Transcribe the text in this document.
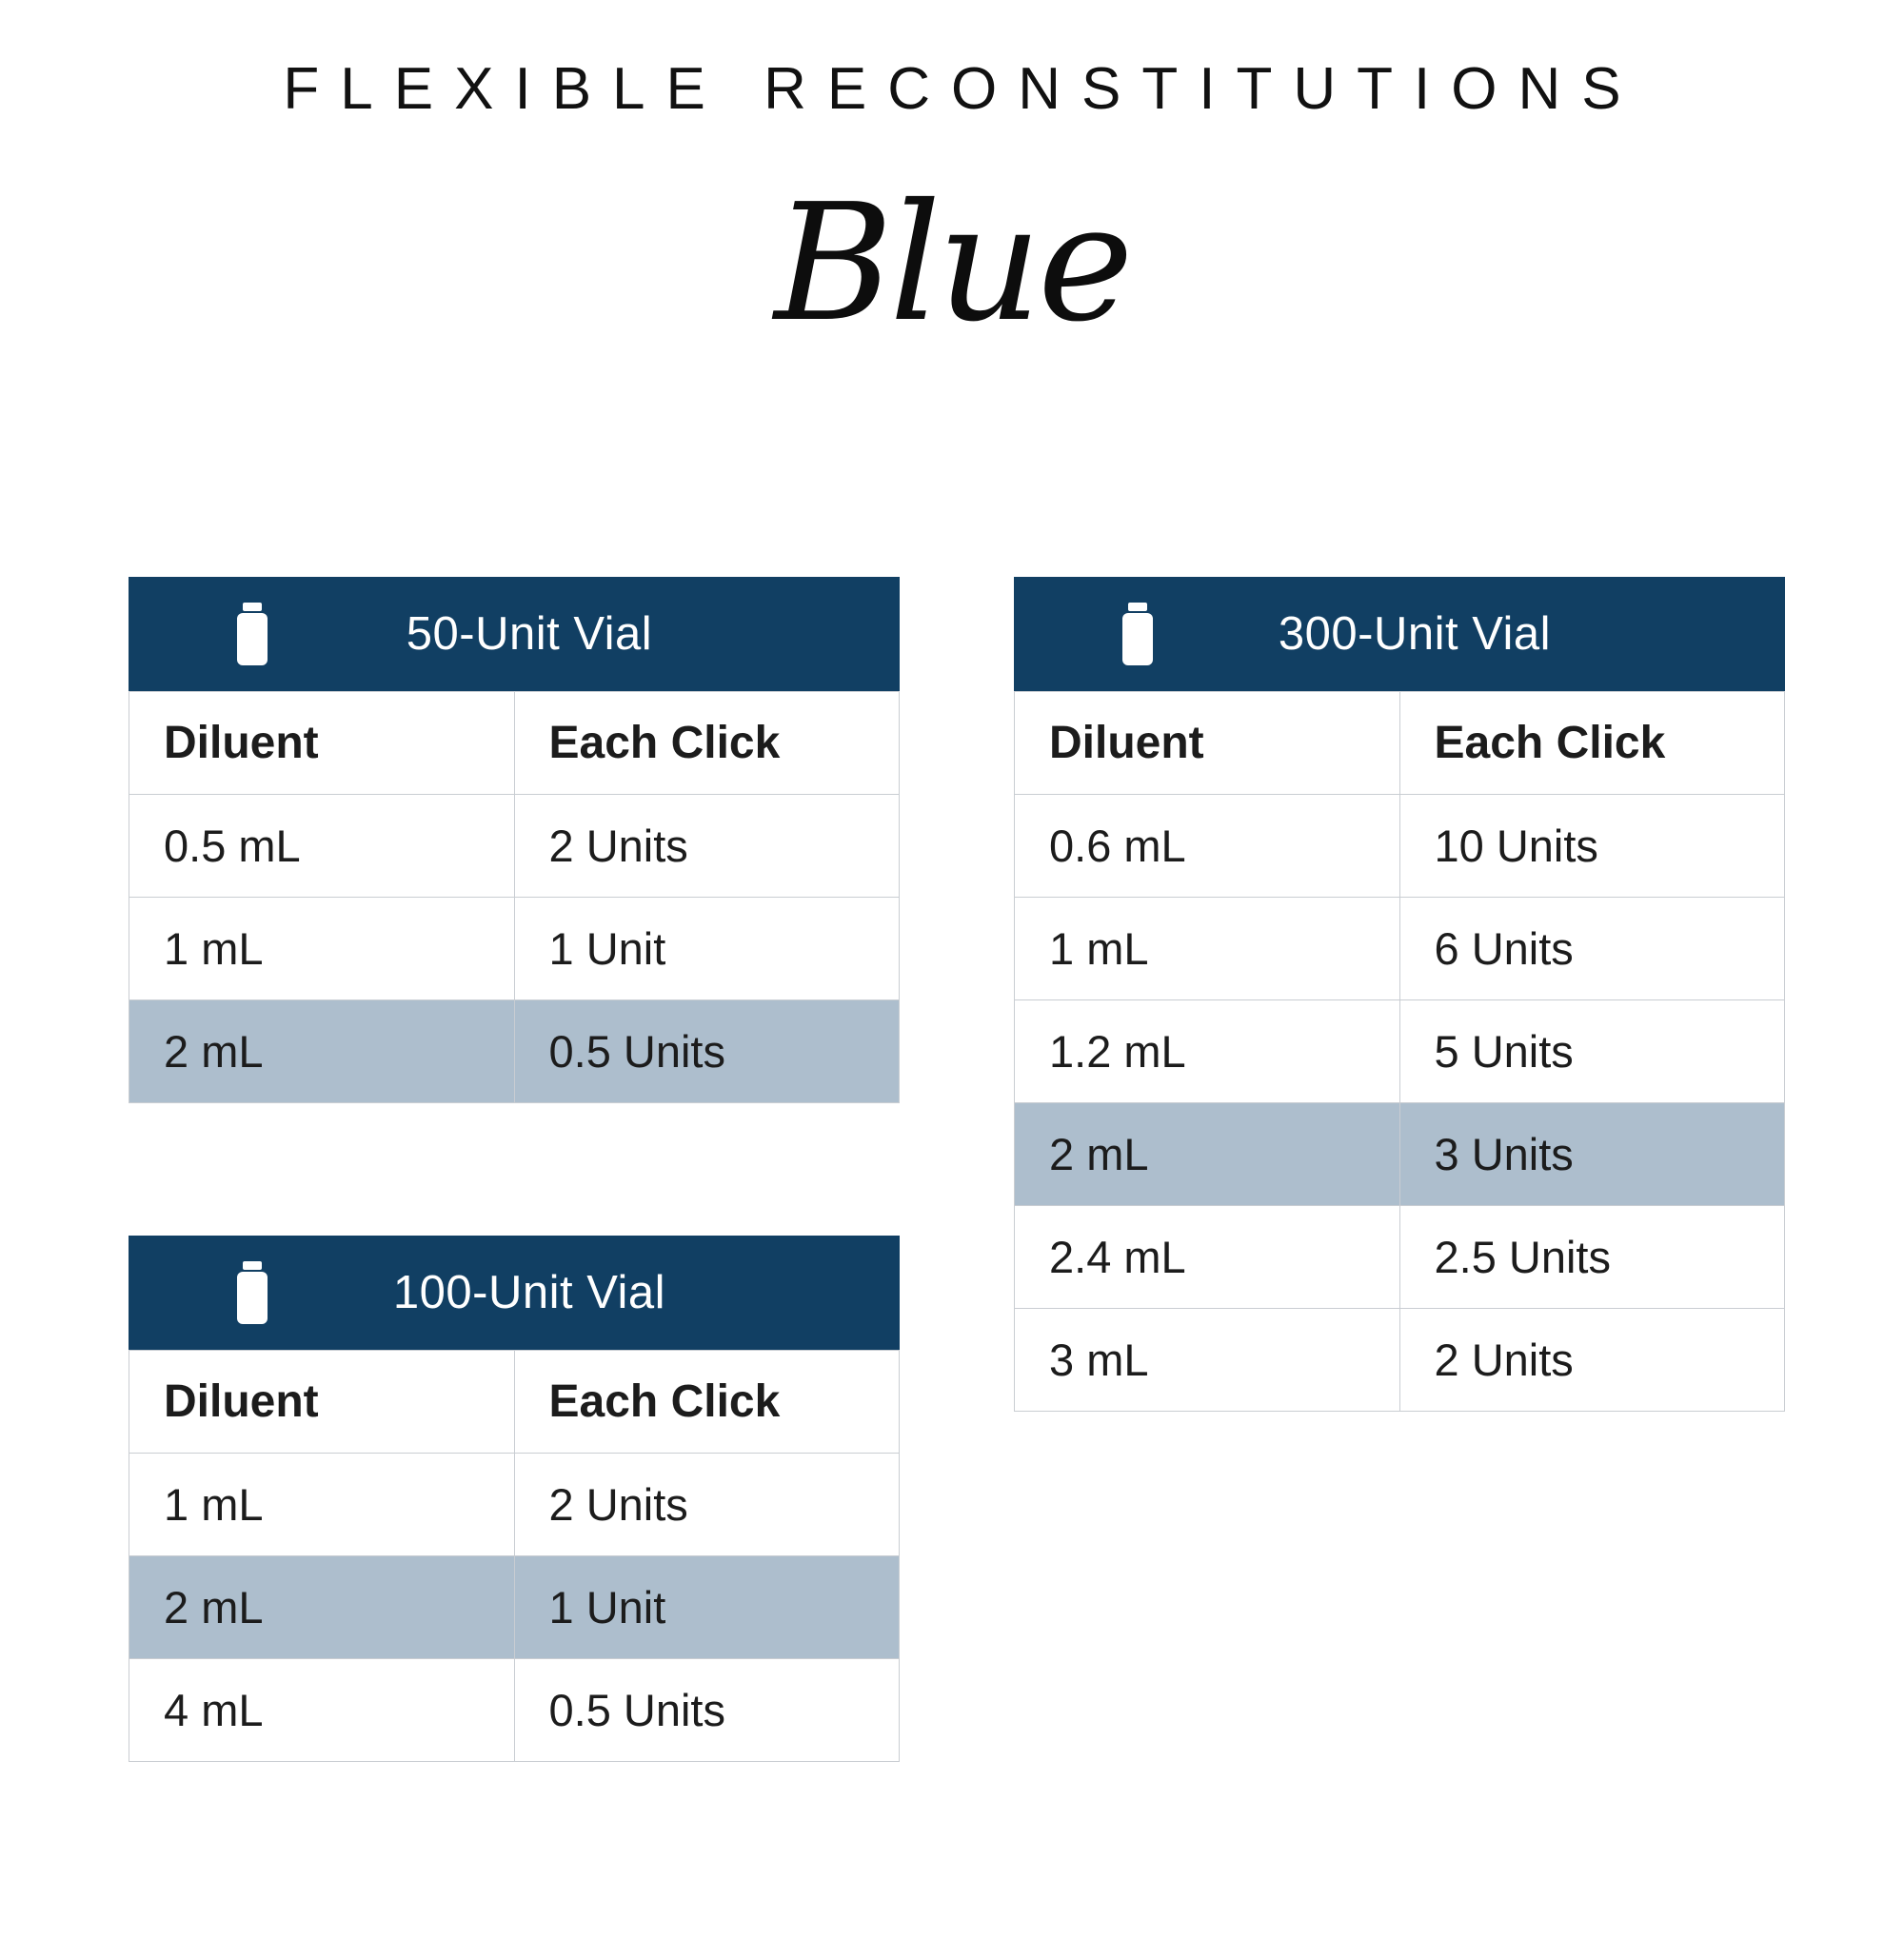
FLEXIBLE RECONSTITUTIONS
Blue
50-Unit Vial
Diluent	Each Click
0.5 mL	2 Units
1 mL	1 Unit
2 mL	0.5 Units
100-Unit Vial
Diluent	Each Click
1 mL	2 Units
2 mL	1 Unit
4 mL	0.5 Units
300-Unit Vial
Diluent	Each Click
0.6 mL	10 Units
1 mL	6 Units
1.2 mL	5 Units
2 mL	3 Units
2.4 mL	2.5 Units
3 mL	2 Units
